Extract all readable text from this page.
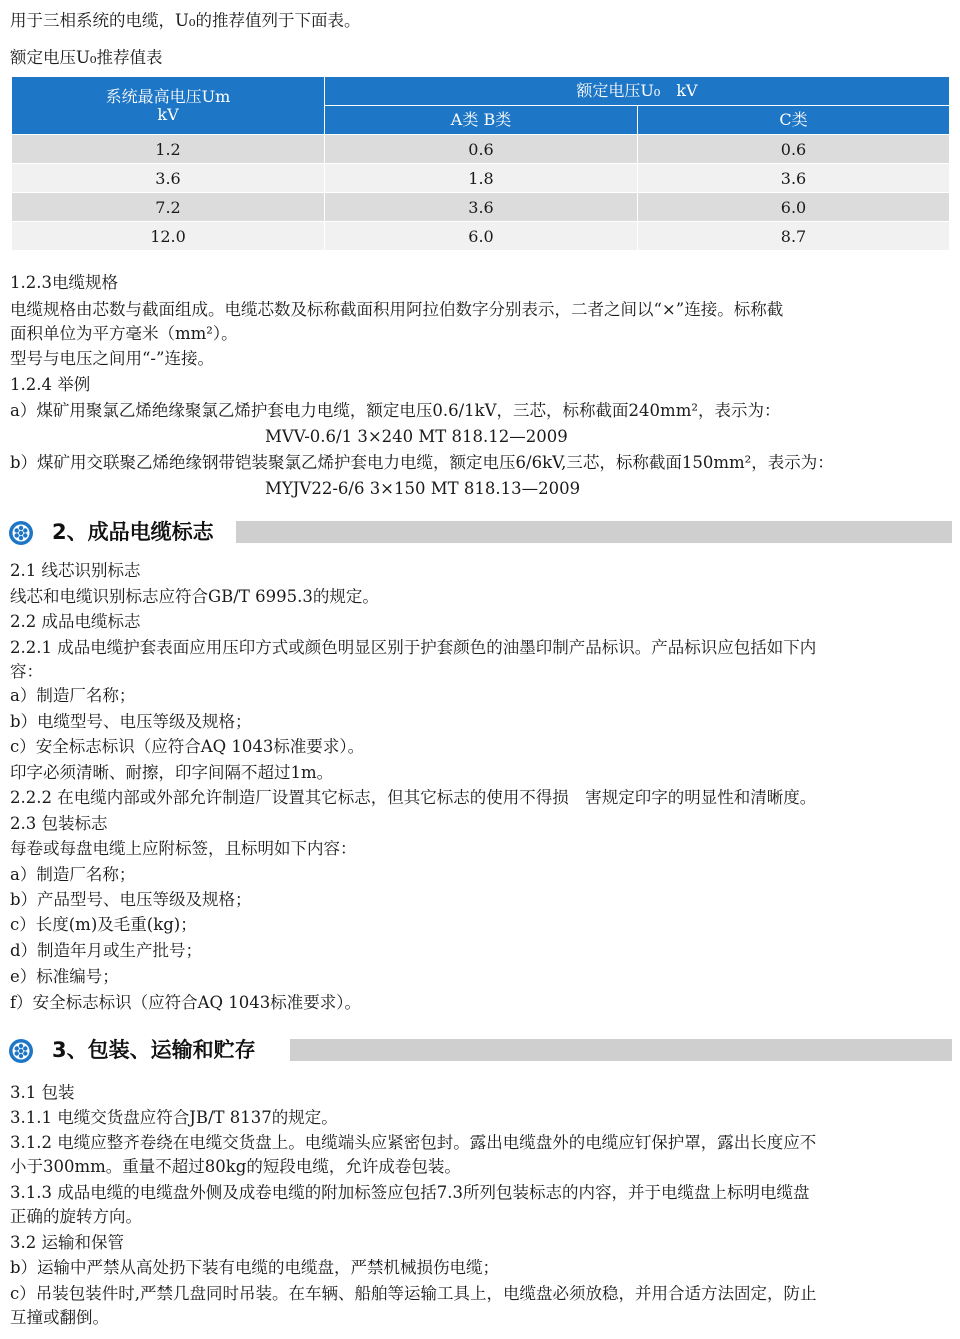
用于三相系统的电缆，U₀的推荐值列于下面表。
额定电压U₀推荐值表
系统最高电压Um
kV	额定电压U₀　kV	
	A类 B类	C类
1.2	0.6	0.6
3.6	1.8	3.6
7.2	3.6	6.0
12.0	6.0	8.7
1.2.3电缆规格
电缆规格由芯数与截面组成。电缆芯数及标称截面积用阿拉伯数字分别表示，二者之间以“×”连接。标称截
面积单位为平方毫米（mm²）。
型号与电压之间用“-”连接。
1.2.4 举例
a）煤矿用聚氯乙烯绝缘聚氯乙烯护套电力电缆，额定电压0.6/1kV，三芯，标称截面240mm²，表示为：
MVV-0.6/1 3×240 MT 818.12—2009
b）煤矿用交联聚乙烯绝缘钢带铠装聚氯乙烯护套电力电缆，额定电压6/6kV,三芯，标称截面150mm²，表示为：
MYJV22-6/6 3×150 MT 818.13—2009
2、成品电缆标志
2.1 线芯识别标志
线芯和电缆识别标志应符合GB/T 6995.3的规定。
2.2 成品电缆标志
2.2.1 成品电缆护套表面应用压印方式或颜色明显区别于护套颜色的油墨印制产品标识。产品标识应包括如下内
容：
a）制造厂名称；
b）电缆型号、电压等级及规格；
c）安全标志标识（应符合AQ 1043标准要求）。
印字必须清晰、耐擦，印字间隔不超过1m。
2.2.2 在电缆内部或外部允许制造厂设置其它标志，但其它标志的使用不得损　害规定印字的明显性和清晰度。
2.3 包装标志
每卷或每盘电缆上应附标签，且标明如下内容：
a）制造厂名称；
b）产品型号、电压等级及规格；
c）长度(m)及毛重(kg)；
d）制造年月或生产批号；
e）标准编号；
f）安全标志标识（应符合AQ 1043标准要求）。
3、包装、运输和贮存
3.1 包装
3.1.1 电缆交货盘应符合JB/T 8137的规定。
3.1.2 电缆应整齐卷绕在电缆交货盘上。电缆端头应紧密包封。露出电缆盘外的电缆应钉保护罩，露出长度应不
小于300mm。重量不超过80kg的短段电缆，允许成卷包装。
3.1.3 成品电缆的电缆盘外侧及成卷电缆的附加标签应包括7.3所列包装标志的内容，并于电缆盘上标明电缆盘
正确的旋转方向。
3.2 运输和保管
b）运输中严禁从高处扔下装有电缆的电缆盘，严禁机械损伤电缆；
c）吊装包装件时,严禁几盘同时吊装。在车辆、船舶等运输工具上，电缆盘必须放稳，并用合适方法固定，防止
互撞或翻倒。
